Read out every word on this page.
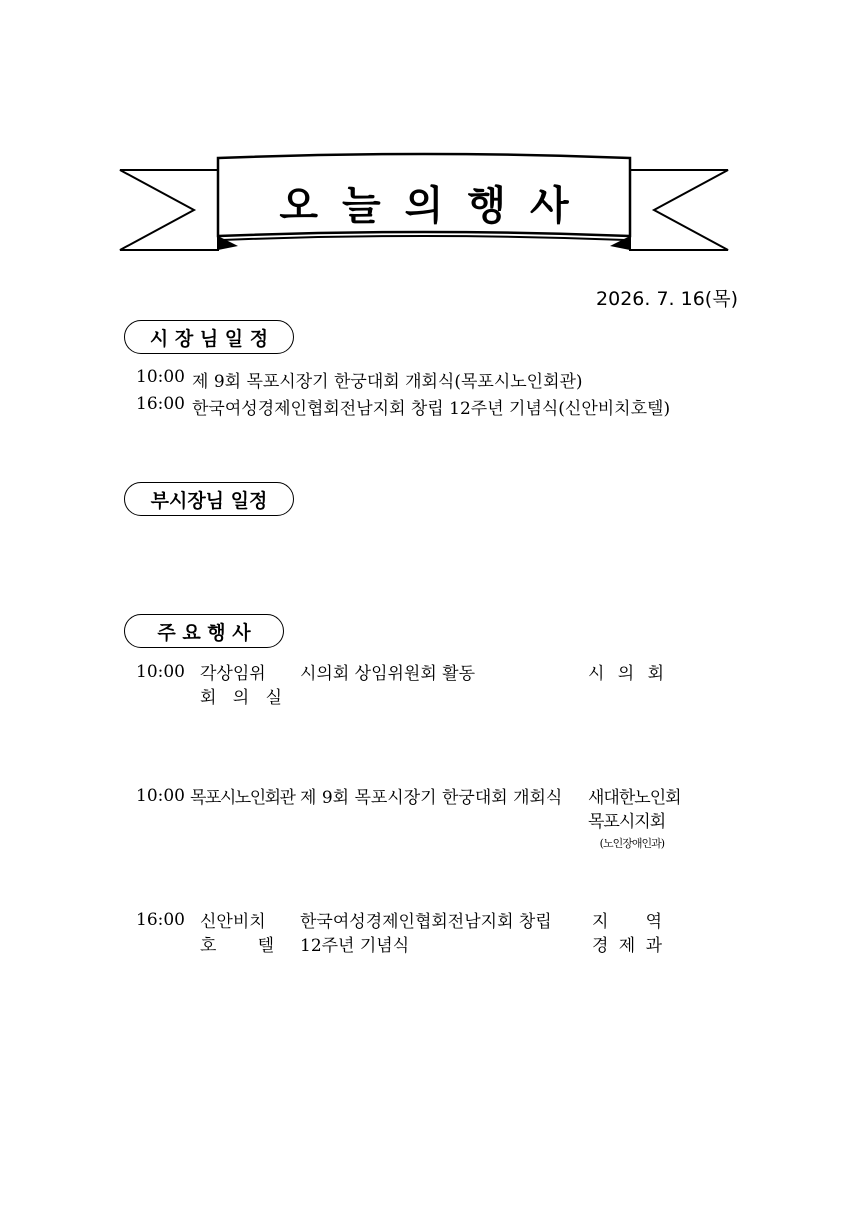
오늘의행사
2026. 7. 16(목)
시 장 님 일 정
10:00 제 9회 목포시장기 한궁대회 개회식(목포시노인회관)
16:00 한국여성경제인협회전남지회 창립 12주년 기념식(신안비치호텔)
부시장님 일정
주 요 행 사
10:00 각상임위
회 의 실
시의회 상임위원회 활동	시 의 회
10:00 목포시노인회관 제 9회 목포시장기 한궁대회 개회식 새대한노인회
목포시지회
(노인장애인과)
16:00 신안비치
호 텔
한국여성경제인협회전남지회 창립
12주년 기념식
지 역
경 제 과
